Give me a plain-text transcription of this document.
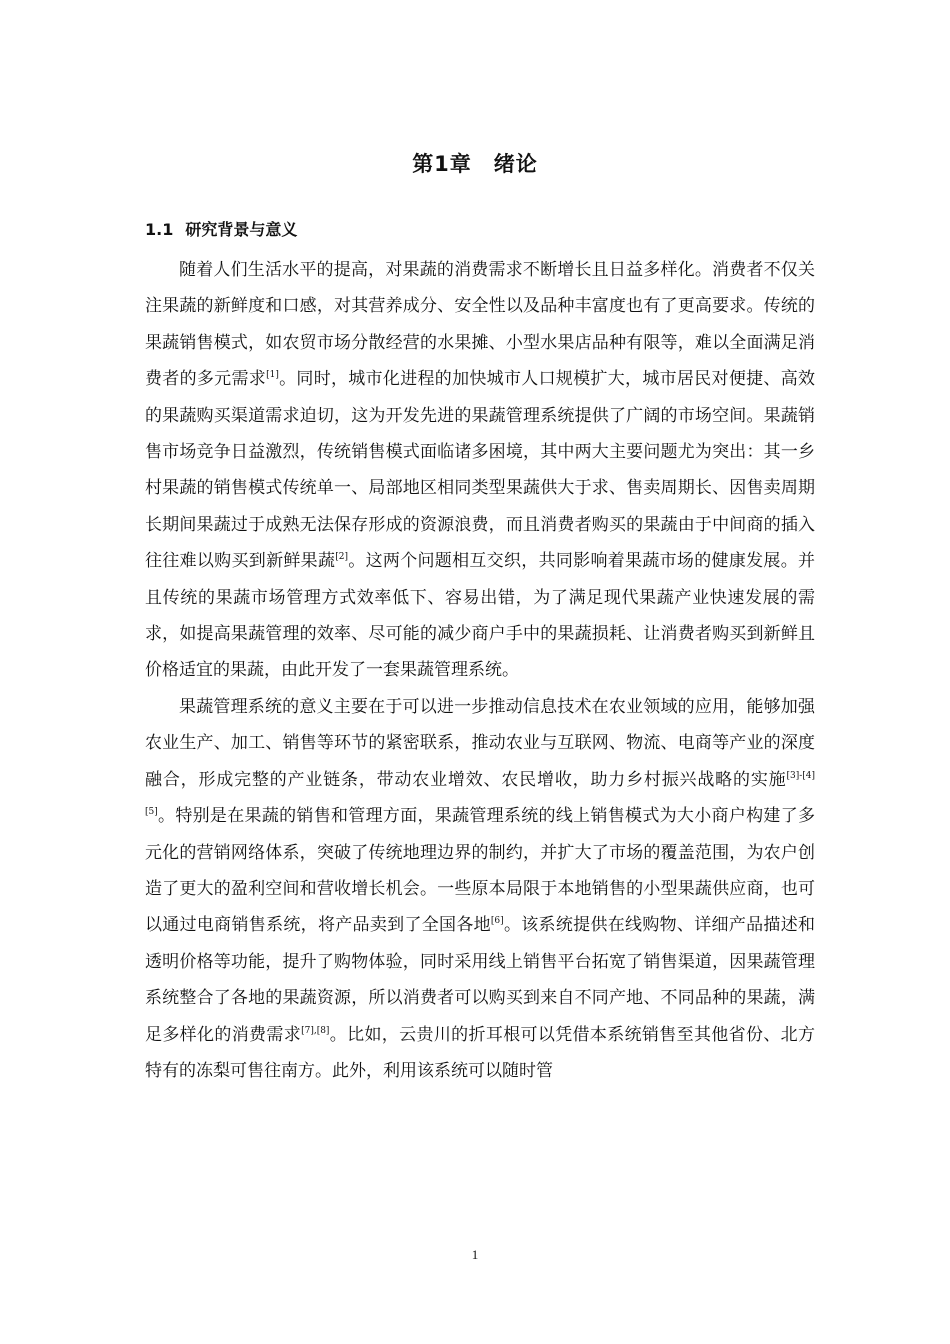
第1章　绪论
1.1 研究背景与意义

随着人们生活水平的提高，对果蔬的消费需求不断增长且日益多样化。消费者不仅关注果蔬的新鲜度和口感，对其营养成分、安全性以及品种丰富度也有了更高要求。传统的果蔬销售模式，如农贸市场分散经营的水果摊、小型水果店品种有限等，难以全面满足消费者的多元需求[1]。同时，城市化进程的加快城市人口规模扩大，城市居民对便捷、高效的果蔬购买渠道需求迫切，这为开发先进的果蔬管理系统提供了广阔的市场空间。果蔬销售市场竞争日益激烈，传统销售模式面临诸多困境，其中两大主要问题尤为突出：其一乡村果蔬的销售模式传统单一、局部地区相同类型果蔬供大于求、售卖周期长、因售卖周期长期间果蔬过于成熟无法保存形成的资源浪费，而且消费者购买的果蔬由于中间商的插入往往难以购买到新鲜果蔬[2]。这两个问题相互交织，共同影响着果蔬市场的健康发展。并且传统的果蔬市场管理方式效率低下、容易出错，为了满足现代果蔬产业快速发展的需求，如提高果蔬管理的效率、尽可能的减少商户手中的果蔬损耗、让消费者购买到新鲜且价格适宜的果蔬，由此开发了一套果蔬管理系统。

果蔬管理系统的意义主要在于可以进一步推动信息技术在农业领域的应用，能够加强农业生产、加工、销售等环节的紧密联系，推动农业与互联网、物流、电商等产业的深度融合，形成完整的产业链条，带动农业增效、农民增收，助力乡村振兴战略的实施[3]-[4][5]。特别是在果蔬的销售和管理方面，果蔬管理系统的线上销售模式为大小商户构建了多元化的营销网络体系，突破了传统地理边界的制约，并扩大了市场的覆盖范围，为农户创造了更大的盈利空间和营收增长机会。一些原本局限于本地销售的小型果蔬供应商，也可以通过电商销售系统，将产品卖到了全国各地[6]。该系统提供在线购物、详细产品描述和透明价格等功能，提升了购物体验，同时采用线上销售平台拓宽了销售渠道，因果蔬管理系统整合了各地的果蔬资源，所以消费者可以购买到来自不同产地、不同品种的果蔬，满足多样化的消费需求[7],[8]。比如，云贵川的折耳根可以凭借本系统销售至其他省份、北方特有的冻梨可售往南方。此外，利用该系统可以随时管

1
